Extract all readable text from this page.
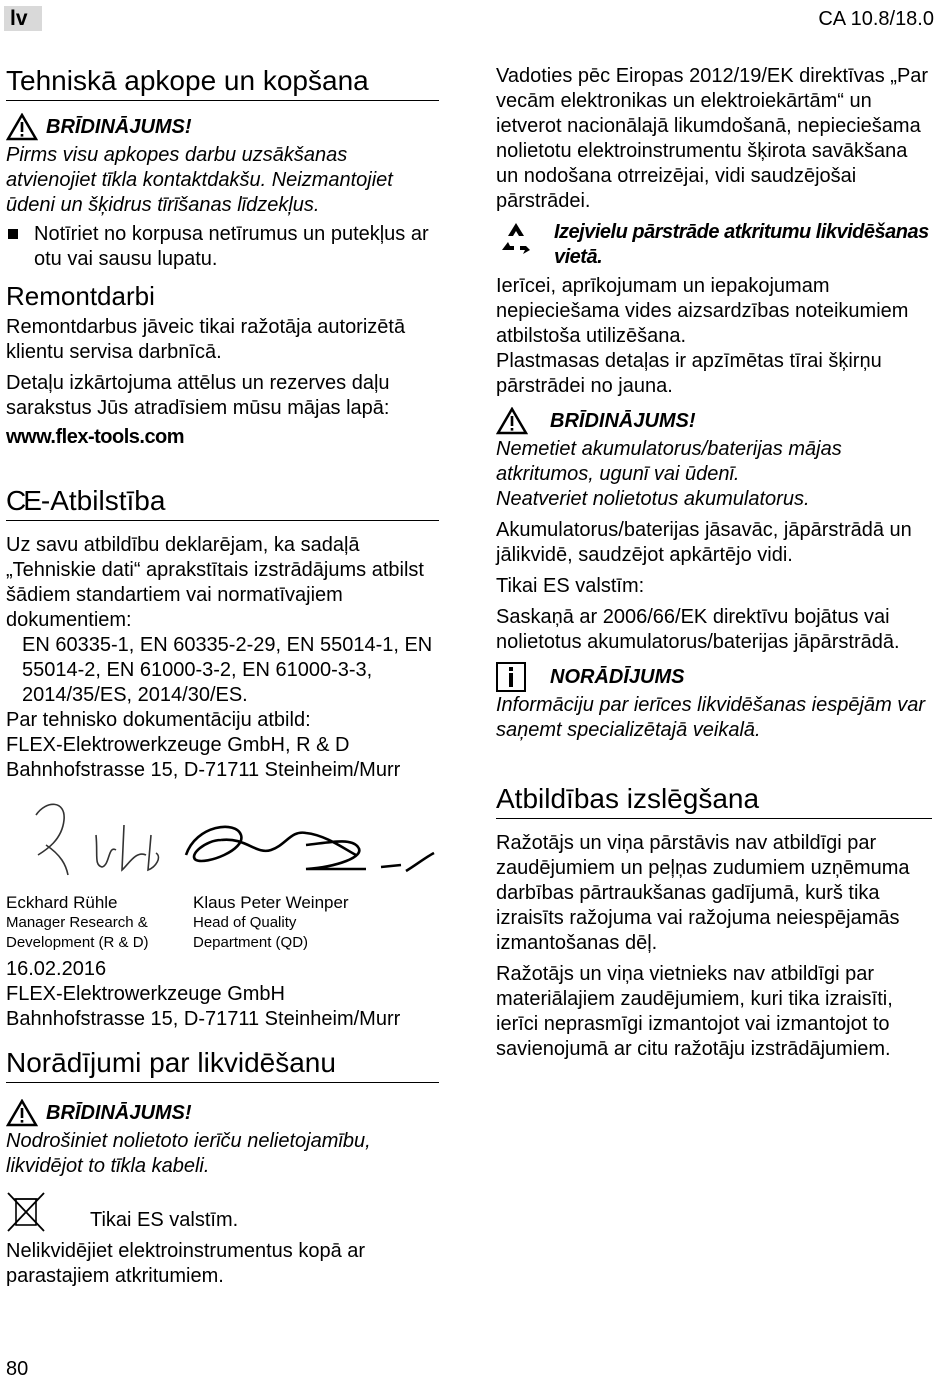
lv	CA 10.8/18.0
Tehniskā apkope un kopšana
BRĪDINĀJUMS!

Pirms visu apkopes darbu uzsākšanas atvienojiet tīkla kontaktdakšu. Neizmantojiet ūdeni un šķidrus tīrīšanas līdzekļus.

Notīriet no korpusa netīrumus un putekļus ar otu vai sausu lupatu.

Remontdarbi

Remontdarbus jāveic tikai ražotāja autorizētā klientu servisa darbnīcā.

Detaļu izkārtojuma attēlus un rezerves daļu sarakstus Jūs atradīsiem mūsu mājas lapā:

www.flex-tools.com

CE -Atbilstība

Uz savu atbildību deklarējam, ka sadaļā „Tehniskie dati“ aprakstītais izstrādājums atbilst šādiem standartiem vai normatīvajiem dokumentiem:

EN 60335-1, EN 60335-2-29, EN 55014-1, EN 55014-2, EN 61000-3-2, EN 61000-3-3, 2014/35/ES, 2014/30/ES.

Par tehnisko dokumentāciju atbild:

FLEX-Elektrowerkzeuge GmbH, R & D

Bahnhofstrasse 15, D-71711 Steinheim/Murr

Eckhard Rühle
Manager Research & Development (R & D)
Klaus Peter Weinper
Head of Quality Department (QD)

16.02.2016

FLEX-Elektrowerkzeuge GmbH

Bahnhofstrasse 15, D-71711 Steinheim/Murr

Norādījumi par likvidēšanu
BRĪDINĀJUMS!

Nodrošiniet nolietoto ierīču nelietojamību, likvidējot to tīkla kabeli.

Tikai ES valstīm.

Nelikvidējiet elektroinstrumentus kopā ar parastajiem atkritumiem.

Vadoties pēc Eiropas 2012/19/EK direktīvas „Par vecām elektronikas un elektroiekārtām“ un ietverot nacionālajā likumdošanā, nepieciešama nolietotu elektroinstrumentu šķirota savākšana un nodošana otrreizējai, vidi saudzējošai pārstrādei.

Izejvielu pārstrāde atkritumu likvidēšanas vietā.

Ierīcei, aprīkojumam un iepakojumam nepieciešama vides aizsardzības noteikumiem atbilstoša utilizēšana.

Plastmasas detaļas ir apzīmētas tīrai šķirņu pārstrādei no jauna.

BRĪDINĀJUMS!

Nemetiet akumulatorus/baterijas mājas atkritumos, ugunī vai ūdenī.

Neatveriet nolietotus akumulatorus.

Akumulatorus/baterijas jāsavāc, jāpārstrādā un jālikvidē, saudzējot apkārtējo vidi.

Tikai ES valstīm:

Saskaņā ar 2006/66/EK direktīvu bojātus vai nolietotus akumulatorus/baterijas jāpārstrādā.

NORĀDĪJUMS

Informāciju par ierīces likvidēšanas iespējām var saņemt specializētajā veikalā.

Atbildības izslēgšana

Ražotājs un viņa pārstāvis nav atbildīgi par zaudējumiem un peļņas zudumiem uzņēmuma darbības pārtraukšanas gadījumā, kurš tika izraisīts ražojuma vai ražojuma neiespējamās izmantošanas dēļ.

Ražotājs un viņa vietnieks nav atbildīgi par materiālajiem zaudējumiem, kuri tika izraisīti, ierīci neprasmīgi izmantojot vai izmantojot to savienojumā ar citu ražotāju izstrādājumiem.

80
